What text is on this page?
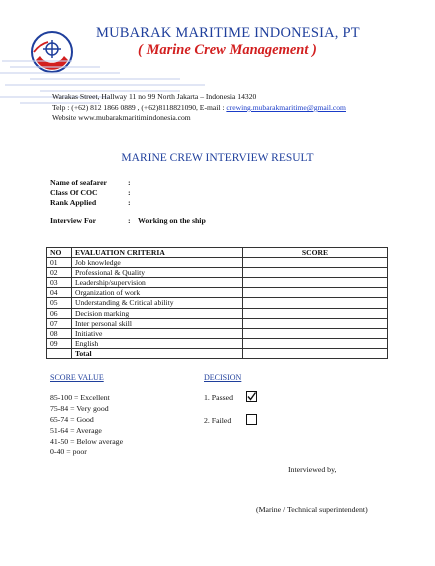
MUBARAK MARITIME INDONESIA, PT
( Marine Crew Management )
Warakas Street, Hallway 11 no 99 North Jakarta – Indonesia 14320
Telp : (+62) 812 1866 0889 , (+62)8118821090, E-mail : crewing.mubarakmaritime@gmail.com
Website www.mubarakmaritimindonesia.com
MARINE CREW INTERVIEW RESULT
Name of seafarer	:
Class Of COC	:
Rank Applied	:
Interview For	: Working on the ship
NO	EVALUATION CRITERIA	SCORE
01	Job knowledge	
02	Professional & Quality	
03	Leadership/supervision	
04	Organization of work	
05	Understanding & Critical ability	
06	Decision marking	
07	Inter personal skill	
08	Initiative	
09	English	
	Total	
SCORE VALUE	DECISION
85-100 = Excellent
75-84 = Very good
65-74 = Good
51-64 = Average
41-50 = Below average
0-40 = poor
1. Passed
2. Failed
Interviewed by,
(Marine / Technical superintendent)
